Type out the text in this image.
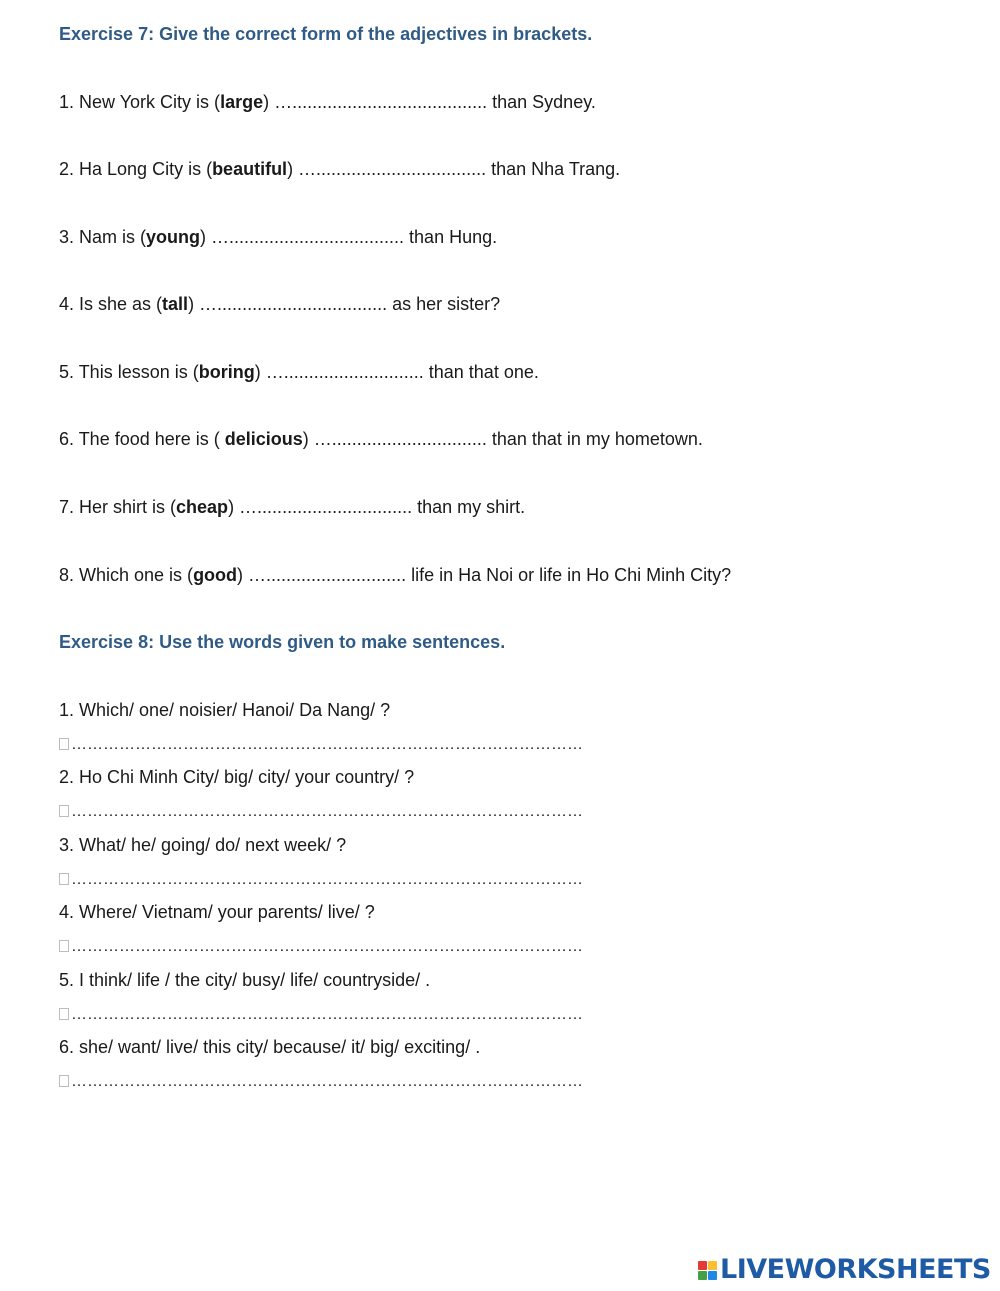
Exercise 7: Give the correct form of the adjectives in brackets.
1. New York City is (large) …....................................... than Sydney.
2. Ha Long City is (beautiful) ….................................. than Nha Trang.
3. Nam is (young) …................................... than Hung.
4. Is she as (tall) ….................................. as her sister?
5. This lesson is (boring) …............................ than that one.
6. The food here is ( delicious) …............................... than that in my hometown.
7. Her shirt is (cheap) …............................... than my shirt.
8. Which one is (good) …............................ life in Ha Noi or life in Ho Chi Minh City?
Exercise 8: Use the words given to make sentences.
1. Which/ one/ noisier/ Hanoi/ Da Nang/ ?
……………………………………………………………………………………
2. Ho Chi Minh City/ big/ city/ your country/ ?
……………………………………………………………………………………
3. What/ he/ going/ do/ next week/ ?
……………………………………………………………………………………
4. Where/ Vietnam/ your parents/ live/ ?
……………………………………………………………………………………
5. I think/ life / the city/ busy/ life/ countryside/ .
……………………………………………………………………………………
6. she/ want/ live/ this city/ because/ it/ big/ exciting/ .
……………………………………………………………………………………
LIVEWORKSHEETS
